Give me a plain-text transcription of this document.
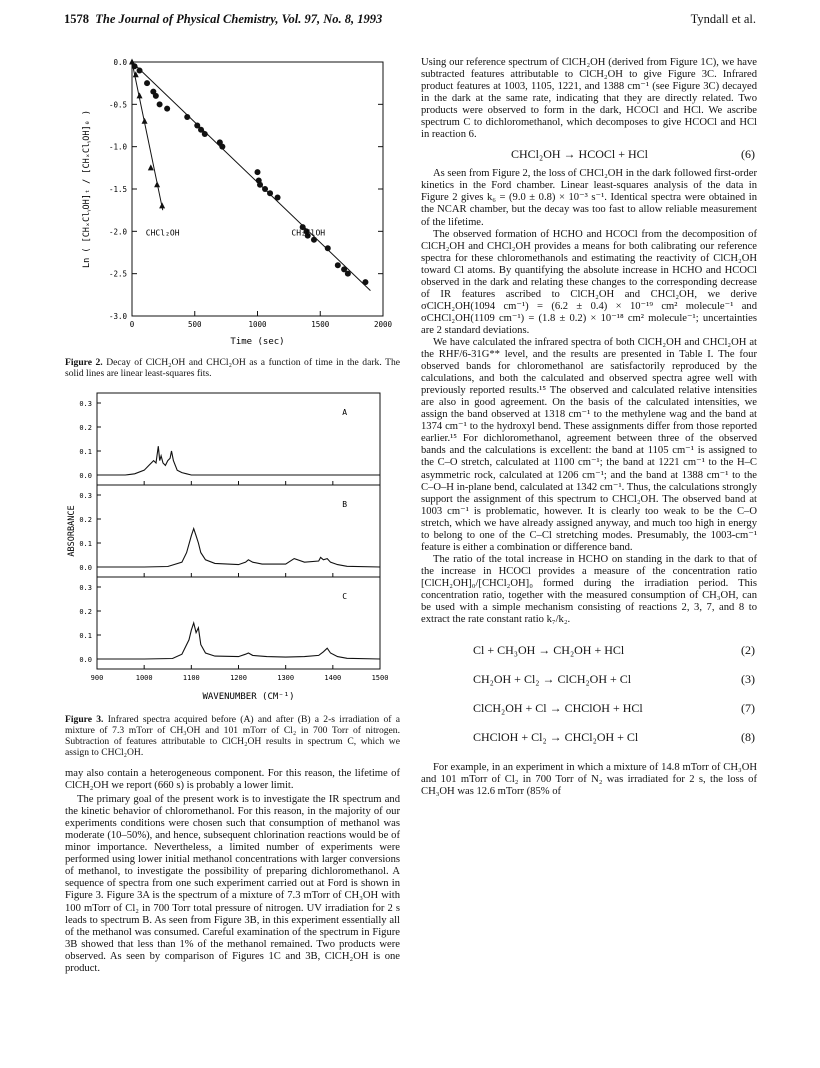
1578 The Journal of Physical Chemistry, Vol. 97, No. 8, 1993	Tyndall et al.
0.0
-0.5
-1.0
-1.5
-2.0
-2.5
-3.0
0	500	1000	1500	2000
Time (sec)
Ln ( [CHₓClᵧOH]ₜ / [CHₓClᵧOH]₀ )	CHCl₂OH	CH₂ClOH
Figure 2. Decay of ClCH₂OH and CHCl₂OH as a function of time in the dark. The solid lines are linear least-squares fits.
0.0
0.1
0.2
0.3
A
0.0
0.1
0.2
0.3
B
0.0
0.1
0.2
0.3
C
900	1000	1100	1200	1300	1400	1500
WAVENUMBER (CM⁻¹)
ABSORBANCE
Figure 3. Infrared spectra acquired before (A) and after (B) a 2-s irradiation of a mixture of 7.3 mTorr of CH₃OH and 101 mTorr of Cl₂ in 700 Torr of nitrogen. Subtraction of features attributable to ClCH₂OH results in spectrum C, which we assign to CHCl₂OH.

may also contain a heterogeneous component. For this reason, the lifetime of ClCH₂OH we report (660 s) is probably a lower limit.

The primary goal of the present work is to investigate the IR spectrum and the kinetic behavior of chloromethanol. For this reason, in the majority of our experiments conditions were chosen such that consumption of methanol was moderate (10–50%), and hence, subsequent chlorination reactions would be of minor importance. Nevertheless, a limited number of experiments were performed using lower initial methanol concentrations with larger conversions of methanol, to investigate the possibility of preparing dichloromethanol. A sequence of spectra from one such experiment carried out at Ford is shown in Figure 3. Figure 3A is the spectrum of a mixture of 7.3 mTorr of CH₃OH with 100 mTorr of Cl₂ in 700 Torr total pressure of nitrogen. UV irradiation for 2 s leads to spectrum B. As seen from Figure 3B, in this experiment essentially all of the methanol was consumed. Careful examination of the spectrum in Figure 3B showed that less than 1% of the methanol remained. Two products were observed. As seen by comparison of Figures 1C and 3B, ClCH₂OH is one product.

Using our reference spectrum of ClCH₂OH (derived from Figure 1C), we have subtracted features attributable to ClCH₂OH to give Figure 3C. Infrared product features at 1003, 1105, 1221, and 1388 cm⁻¹ (see Figure 3C) decayed in the dark at the same rate, indicating that they are directly related. Two products were observed to form in the dark, HCOCl and HCl. We ascribe spectrum C to dichloromethanol, which decomposes to give HCOCl and HCl in reaction 6.

CHCl₂OH → HCOCl + HCl	(6)

As seen from Figure 2, the loss of CHCl₂OH in the dark followed first-order kinetics in the Ford chamber. Linear least-squares analysis of the data in Figure 2 gives k₆ = (9.0 ± 0.8) × 10⁻³ s⁻¹. Identical spectra were obtained in the NCAR chamber, but the decay was too fast to allow reliable measurement of the lifetime.

The observed formation of HCHO and HCOCl from the decomposition of ClCH₂OH and CHCl₂OH provides a means for both calibrating our reference spectra for these chloromethanols and estimating the reactivity of ClCH₂OH toward Cl atoms. By quantifying the absolute increase in HCHO and HCOCl observed in the dark and relating these changes to the corresponding decrease of IR features ascribed to ClCH₂OH and CHCl₂OH, we derive σClCH₂OH(1094 cm⁻¹) = (6.2 ± 0.4) × 10⁻¹⁹ cm² molecule⁻¹ and σCHCl₂OH(1109 cm⁻¹) = (1.8 ± 0.2) × 10⁻¹⁸ cm² molecule⁻¹; uncertainties are 2 standard deviations.

We have calculated the infrared spectra of both ClCH₂OH and CHCl₂OH at the RHF/6-31G** level, and the results are presented in Table I. The four observed bands for chloromethanol are satisfactorily reproduced by the calculations, and both the calculated and observed spectra agree well with previously reported results.¹⁵ The observed and calculated relative intensities are also in good agreement. On the basis of the calculated intensities, we assign the band observed at 1318 cm⁻¹ to the methylene wag and the band at 1374 cm⁻¹ to the hydroxyl bend. These assignments differ from those reported earlier.¹⁵ For dichloromethanol, agreement between three of the observed bands and the calculations is excellent: the band at 1105 cm⁻¹ is assigned to the C–O stretch, calculated at 1100 cm⁻¹; the band at 1221 cm⁻¹ to the H–C asymmetric rock, calculated at 1206 cm⁻¹; and the band at 1388 cm⁻¹ to the C–O–H in-plane bend, calculated at 1342 cm⁻¹. Thus, the calculations strongly support the assignment of this spectrum to CHCl₂OH. The observed band at 1003 cm⁻¹ is problematic, however. It is clearly too weak to be the C–O stretch, which we have already assigned anyway, and much too high in energy to belong to one of the C–Cl stretching modes. Presumably, the 1003-cm⁻¹ feature is either a combination or difference band.

The ratio of the total increase in HCHO on standing in the dark to that of the increase in HCOCl provides a measure of the concentration ratio [ClCH₂OH]₀/[CHCl₂OH]₀ formed during the irradiation period. This concentration ratio, together with the measured consumption of CH₃OH, can be used with a simple mechanism consisting of reactions 2, 3, 7, and 8 to extract the rate constant ratio k₇/k₂.

Cl + CH₃OH → CH₂OH + HCl	(2)
CH₂OH + Cl₂ → ClCH₂OH + Cl	(3)
ClCH₂OH + Cl → CHClOH + HCl	(7)
CHClOH + Cl₂ → CHCl₂OH + Cl	(8)

For example, in an experiment in which a mixture of 14.8 mTorr of CH₃OH and 101 mTorr of Cl₂ in 700 Torr of N₂ was irradiated for 2 s, the loss of CH₃OH was 12.6 mTorr (85% of
